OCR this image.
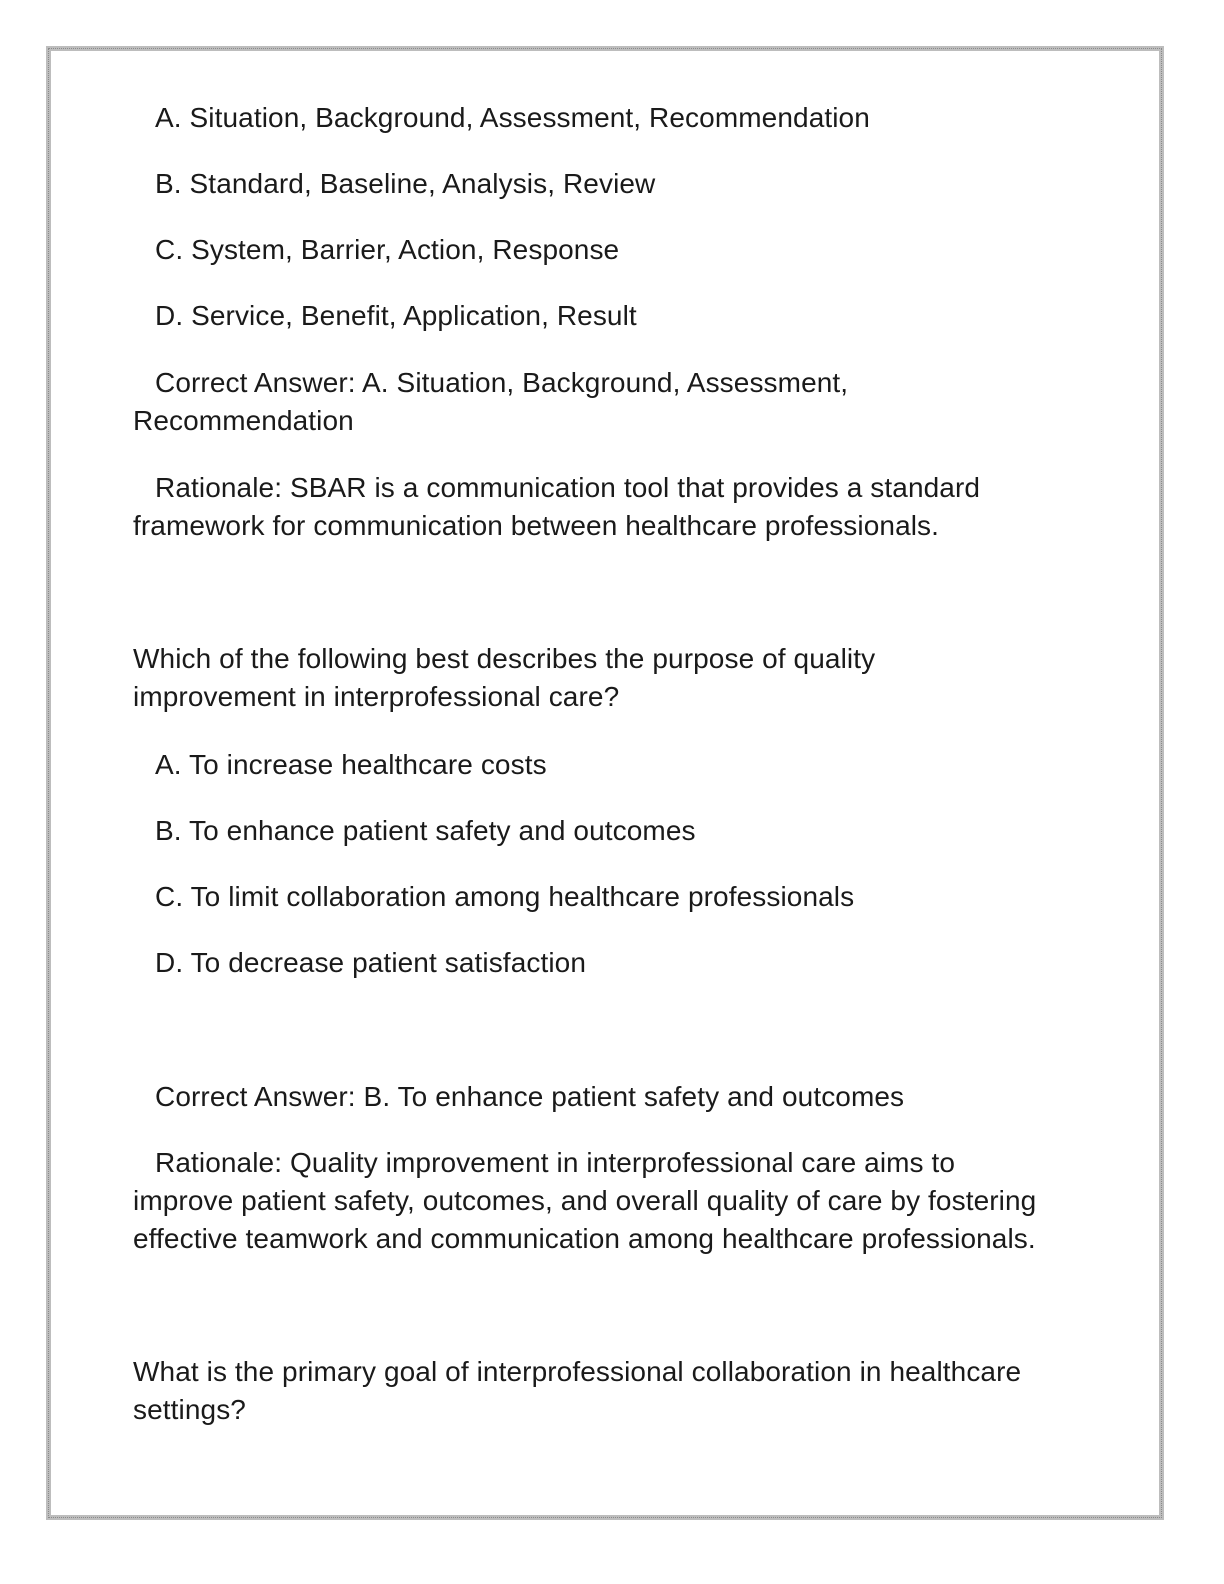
A. Situation, Background, Assessment, Recommendation
B. Standard, Baseline, Analysis, Review
C. System, Barrier, Action, Response
D. Service, Benefit, Application, Result
Correct Answer: A. Situation, Background, Assessment,
Recommendation
Rationale: SBAR is a communication tool that provides a standard
framework for communication between healthcare professionals.
Which of the following best describes the purpose of quality
improvement in interprofessional care?
A. To increase healthcare costs
B. To enhance patient safety and outcomes
C. To limit collaboration among healthcare professionals
D. To decrease patient satisfaction
Correct Answer: B. To enhance patient safety and outcomes
Rationale: Quality improvement in interprofessional care aims to
improve patient safety, outcomes, and overall quality of care by fostering
effective teamwork and communication among healthcare professionals.
What is the primary goal of interprofessional collaboration in healthcare
settings?
